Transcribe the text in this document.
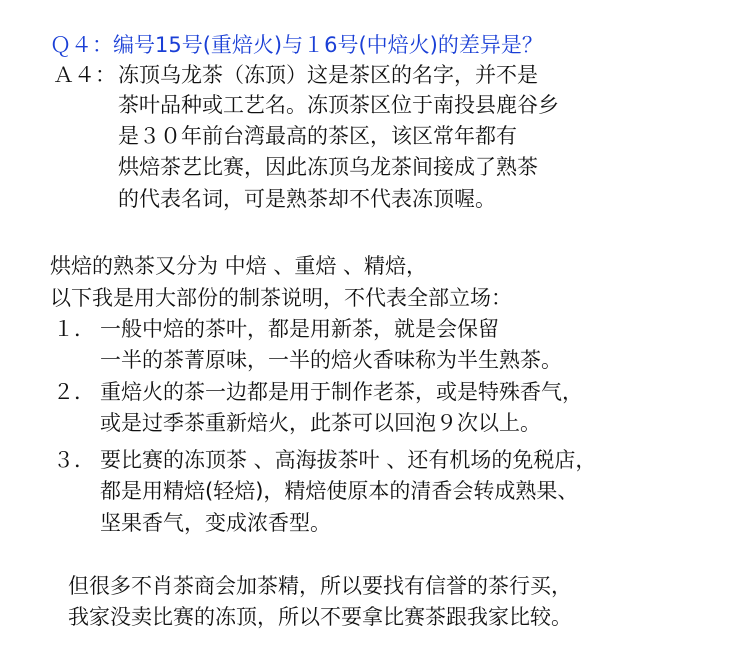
Ｑ４：编号15号(重焙火)与１6号(中焙火)的差异是？
Ａ４： 冻顶乌龙茶（冻顶）这是茶区的名字，并不是
茶叶品种或工艺名。冻顶茶区位于南投县鹿谷乡
是３０年前台湾最高的茶区，该区常年都有
烘焙茶艺比赛，因此冻顶乌龙茶间接成了熟茶
的代表名词，可是熟茶却不代表冻顶喔。
烘焙的熟茶又分为 中焙 、重焙 、精焙，
以下我是用大部份的制茶说明，不代表全部立场：
１． 一般中焙的茶叶，都是用新茶，就是会保留
一半的茶菁原味，一半的焙火香味称为半生熟茶。
２． 重焙火的茶一边都是用于制作老茶，或是特殊香气，
或是过季茶重新焙火，此茶可以回泡９次以上。
３． 要比赛的冻顶茶 、高海拔茶叶 、还有机场的免税店，
都是用精焙(轻焙)，精焙使原本的清香会转成熟果、
坚果香气，变成浓香型。
但很多不肖茶商会加茶精，所以要找有信誉的茶行买，
我家没卖比赛的冻顶，所以不要拿比赛茶跟我家比较。
